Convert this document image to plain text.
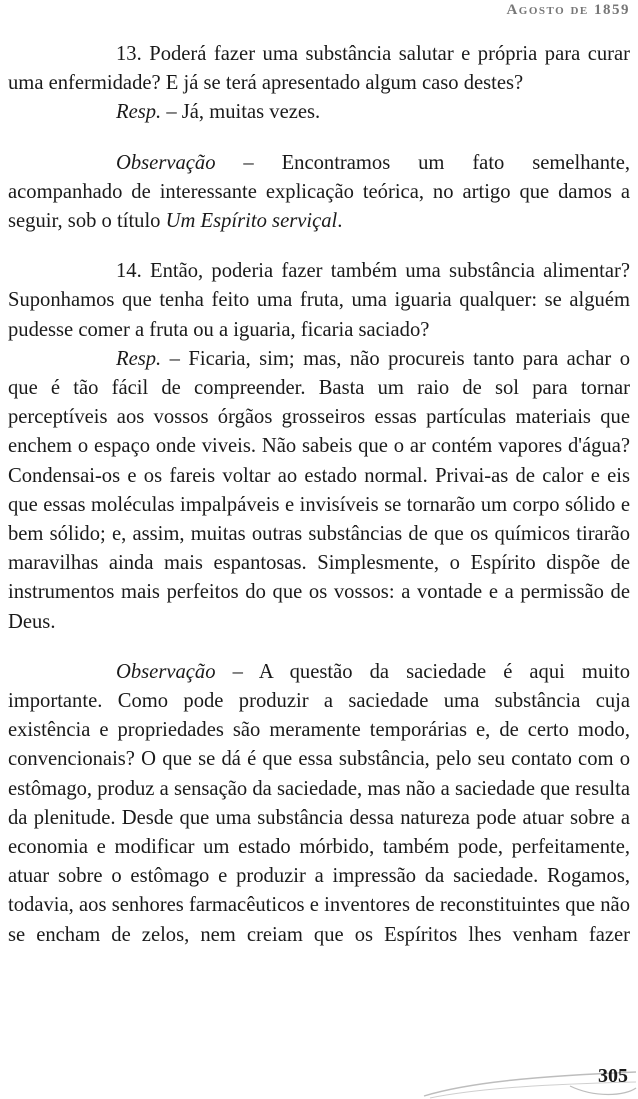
Agosto de 1859

13. Poderá fazer uma substância salutar e própria para curar uma enfermidade? E já se terá apresentado algum caso destes?

Resp. – Já, muitas vezes.

Observação – Encontramos um fato semelhante, acompanhado de interessante explicação teórica, no artigo que damos a seguir, sob o título Um Espírito serviçal.

14. Então, poderia fazer também uma substância alimentar? Suponhamos que tenha feito uma fruta, uma iguaria qualquer: se alguém pudesse comer a fruta ou a iguaria, ficaria saciado?

Resp. – Ficaria, sim; mas, não procureis tanto para achar o que é tão fácil de compreender. Basta um raio de sol para tornar perceptíveis aos vossos órgãos grosseiros essas partículas materiais que enchem o espaço onde viveis. Não sabeis que o ar contém vapores d'água? Condensai-os e os fareis voltar ao estado normal. Privai-as de calor e eis que essas moléculas impalpáveis e invisíveis se tornarão um corpo sólido e bem sólido; e, assim, muitas outras substâncias de que os químicos tirarão maravilhas ainda mais espantosas. Simplesmente, o Espírito dispõe de instrumentos mais perfeitos do que os vossos: a vontade e a permissão de Deus.

Observação – A questão da saciedade é aqui muito importante. Como pode produzir a saciedade uma substância cuja existência e propriedades são meramente temporárias e, de certo modo, convencionais? O que se dá é que essa substância, pelo seu contato com o estômago, produz a sensação da saciedade, mas não a saciedade que resulta da plenitude. Desde que uma substância dessa natureza pode atuar sobre a economia e modificar um estado mórbido, também pode, perfeitamente, atuar sobre o estômago e produzir a impressão da saciedade. Rogamos, todavia, aos senhores farmacêuticos e inventores de reconstituintes que não se encham de zelos, nem creiam que os Espíritos lhes venham fazer

305
